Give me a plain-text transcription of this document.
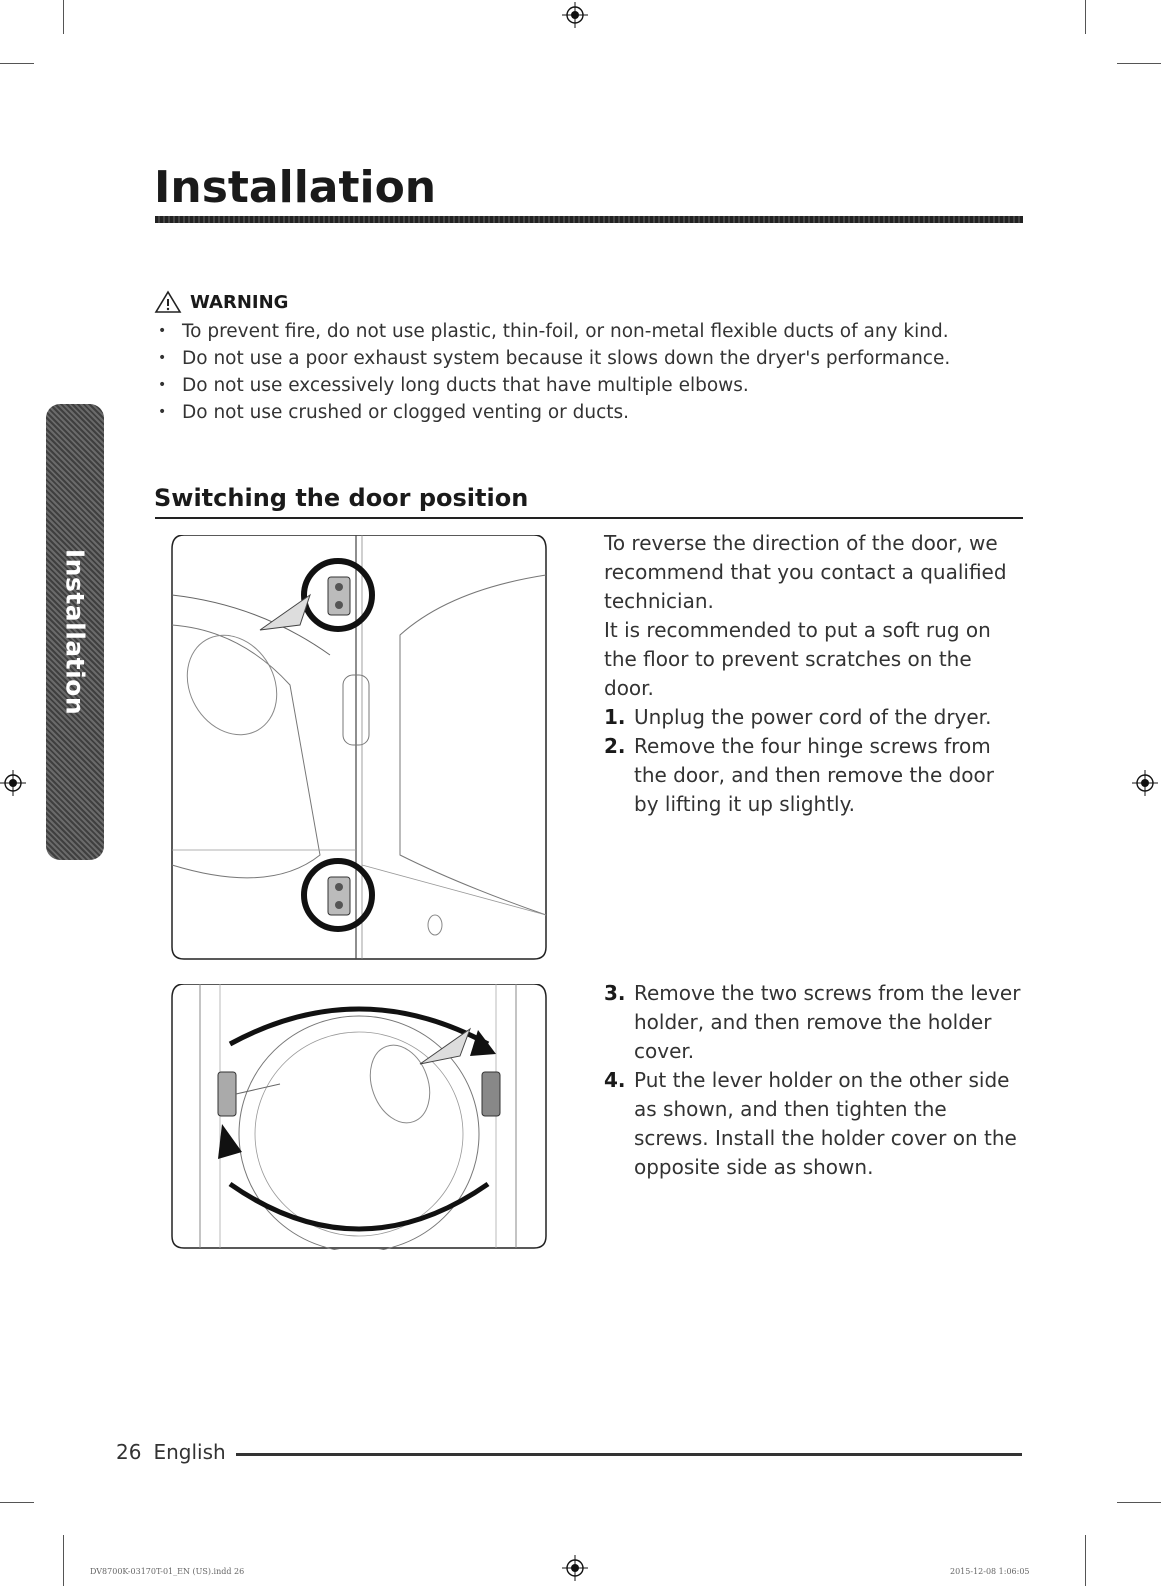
Installation
Installation
WARNING
• To prevent fire, do not use plastic, thin-foil, or non-metal flexible ducts of any kind.
• Do not use a poor exhaust system because it slows down the dryer's performance.
• Do not use excessively long ducts that have multiple elbows.
• Do not use crushed or clogged venting or ducts.
Switching the door position

To reverse the direction of the door, we recommend that you contact a qualified technician.

It is recommended to put a soft rug on the floor to prevent scratches on the door.

1. Unplug the power cord of the dryer.
2. Remove the four hinge screws from the door, and then remove the door by lifting it up slightly.
3. Remove the two screws from the lever holder, and then remove the holder cover.
4. Put the lever holder on the other side as shown, and then tighten the screws. Install the holder cover on the opposite side as shown.
26 English
DV8700K-03170T-01_EN (US).indd 26	2015-12-08 1:06:05
